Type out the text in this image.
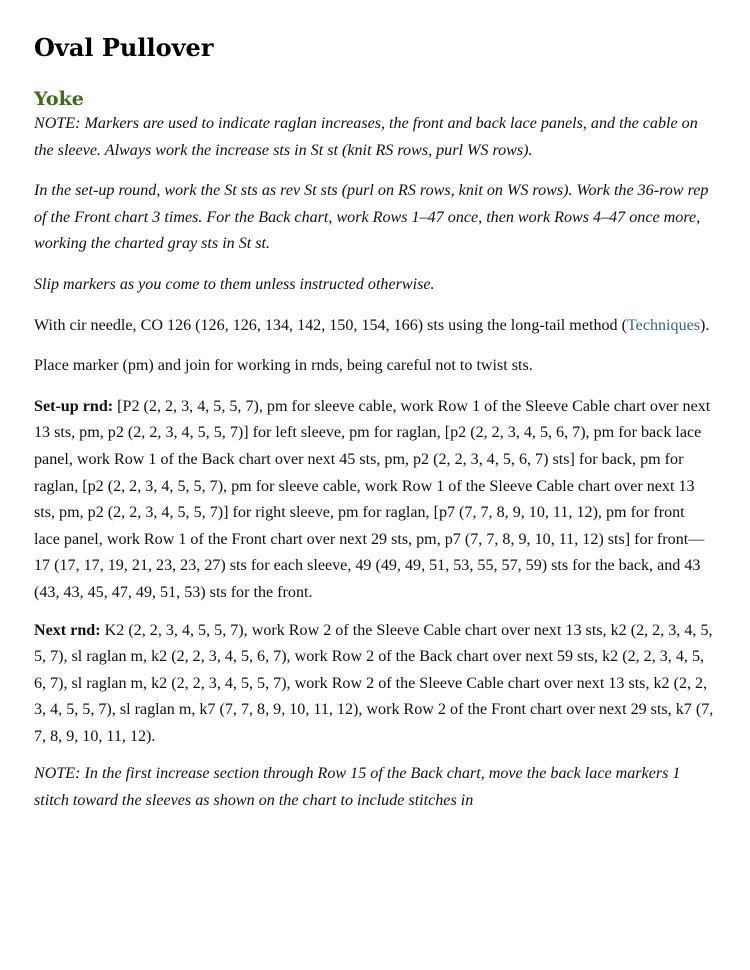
Oval Pullover
Yoke

NOTE: Markers are used to indicate raglan increases, the front and back lace panels, and the cable on the sleeve. Always work the increase sts in St st (knit RS rows, purl WS rows).

In the set-up round, work the St sts as rev St sts (purl on RS rows, knit on WS rows). Work the 36-row rep of the Front chart 3 times. For the Back chart, work Rows 1–47 once, then work Rows 4–47 once more, working the charted gray sts in St st.

Slip markers as you come to them unless instructed otherwise.

With cir needle, CO 126 (126, 126, 134, 142, 150, 154, 166) sts using the long-tail method (Techniques).

Place marker (pm) and join for working in rnds, being careful not to twist sts.

Set-up rnd: [P2 (2, 2, 3, 4, 5, 5, 7), pm for sleeve cable, work Row 1 of the Sleeve Cable chart over next 13 sts, pm, p2 (2, 2, 3, 4, 5, 5, 7)] for left sleeve, pm for raglan, [p2 (2, 2, 3, 4, 5, 6, 7), pm for back lace panel, work Row 1 of the Back chart over next 45 sts, pm, p2 (2, 2, 3, 4, 5, 6, 7) sts] for back, pm for raglan, [p2 (2, 2, 3, 4, 5, 5, 7), pm for sleeve cable, work Row 1 of the Sleeve Cable chart over next 13 sts, pm, p2 (2, 2, 3, 4, 5, 5, 7)] for right sleeve, pm for raglan, [p7 (7, 7, 8, 9, 10, 11, 12), pm for front lace panel, work Row 1 of the Front chart over next 29 sts, pm, p7 (7, 7, 8, 9, 10, 11, 12) sts] for front—17 (17, 17, 19, 21, 23, 23, 27) sts for each sleeve, 49 (49, 49, 51, 53, 55, 57, 59) sts for the back, and 43 (43, 43, 45, 47, 49, 51, 53) sts for the front.

Next rnd: K2 (2, 2, 3, 4, 5, 5, 7), work Row 2 of the Sleeve Cable chart over next 13 sts, k2 (2, 2, 3, 4, 5, 5, 7), sl raglan m, k2 (2, 2, 3, 4, 5, 6, 7), work Row 2 of the Back chart over next 59 sts, k2 (2, 2, 3, 4, 5, 6, 7), sl raglan m, k2 (2, 2, 3, 4, 5, 5, 7), work Row 2 of the Sleeve Cable chart over next 13 sts, k2 (2, 2, 3, 4, 5, 5, 7), sl raglan m, k7 (7, 7, 8, 9, 10, 11, 12), work Row 2 of the Front chart over next 29 sts, k7 (7, 7, 8, 9, 10, 11, 12).

NOTE: In the first increase section through Row 15 of the Back chart, move the back lace markers 1 stitch toward the sleeves as shown on the chart to include stitches in
